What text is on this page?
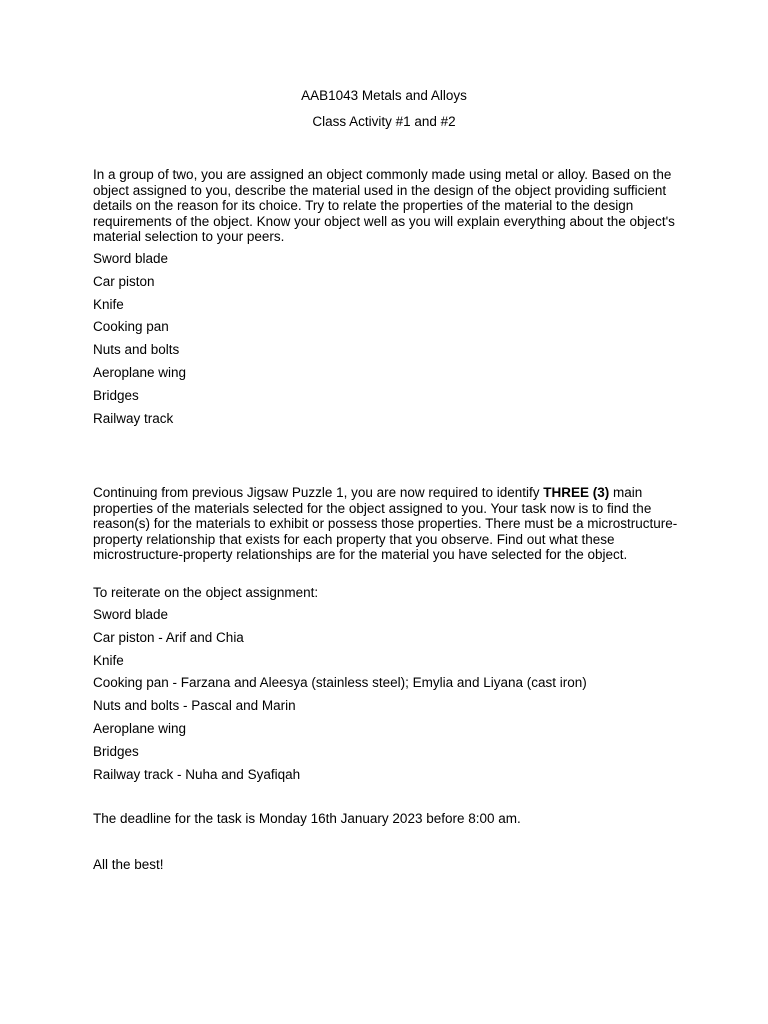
AAB1043 Metals and Alloys
Class Activity #1 and #2
In a group of two, you are assigned an object commonly made using metal or alloy. Based on the object assigned to you, describe the material used in the design of the object providing sufficient details on the reason for its choice. Try to relate the properties of the material to the design requirements of the object. Know your object well as you will explain everything about the object's material selection to your peers.
Sword blade
Car piston
Knife
Cooking pan
Nuts and bolts
Aeroplane wing
Bridges
Railway track
Continuing from previous Jigsaw Puzzle 1, you are now required to identify THREE (3) main properties of the materials selected for the object assigned to you. Your task now is to find the reason(s) for the materials to exhibit or possess those properties. There must be a microstructure-property relationship that exists for each property that you observe. Find out what these microstructure-property relationships are for the material you have selected for the object.
To reiterate on the object assignment:
Sword blade
Car piston - Arif and Chia
Knife
Cooking pan - Farzana and Aleesya (stainless steel); Emylia and Liyana (cast iron)
Nuts and bolts - Pascal and Marin
Aeroplane wing
Bridges
Railway track - Nuha and Syafiqah
The deadline for the task is Monday 16th January 2023 before 8:00 am.
All the best!
